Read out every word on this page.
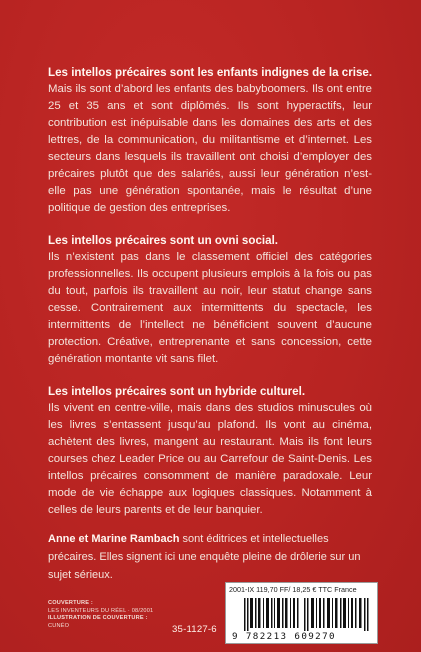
Les intellos précaires sont les enfants indignes de la crise.

Mais ils sont d’abord les enfants des babyboomers. Ils ont entre 25 et 35 ans et sont diplômés. Ils sont hyperactifs, leur contribution est inépuisable dans les domaines des arts et des lettres, de la communication, du militantisme et d’internet. Les secteurs dans lesquels ils travaillent ont choisi d’employer des précaires plutôt que des salariés, aussi leur génération n’est-elle pas une génération spontanée, mais le résultat d’une politique de gestion des entreprises.

Les intellos précaires sont un ovni social.

Ils n’existent pas dans le classement officiel des catégories professionnelles. Ils occupent plusieurs emplois à la fois ou pas du tout, parfois ils travaillent au noir, leur statut change sans cesse. Contrairement aux intermittents du spectacle, les intermittents de l’intellect ne bénéficient souvent d’aucune protection. Créative, entreprenante et sans concession, cette génération montante vit sans filet.

Les intellos précaires sont un hybride culturel.

Ils vivent en centre-ville, mais dans des studios minuscules où les livres s’entassent jusqu’au plafond. Ils vont au cinéma, achètent des livres, mangent au restaurant. Mais ils font leurs courses chez Leader Price ou au Carrefour de Saint-Denis. Les intellos précaires consomment de manière paradoxale. Leur mode de vie échappe aux logiques classiques. Notamment à celles de leurs parents et de leur banquier.

Anne et Marine Rambach sont éditrices et intellectuelles précaires. Elles signent ici une enquête pleine de drôlerie sur un sujet sérieux.
COUVERTURE :
LES INVENTEURS DU RÉEL · 08/2001
ILLUSTRATION DE COUVERTURE :
CUNÉO	35-1127-6
2001-IX 119,70 FF/ 18,25 € TTC France
9 782213 609270
